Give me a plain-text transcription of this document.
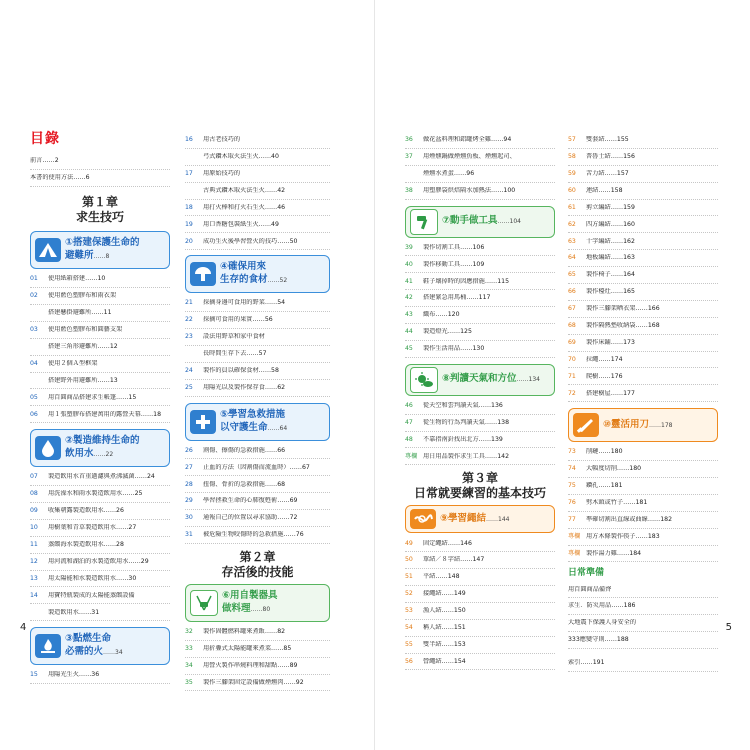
目錄
前言……2
本書的使用方法……6
第１章
求生技巧
①搭建保護生命的
避難所……8
01	使用紙箱搭建……10
02	使用藍色塑膠布和雨衣架
搭建懸掛避難所……11
03	使用藍色塑膠布和圓藝支架
搭建三角形避難所……12
04	使用２個Ａ型框架
搭建野外用避難所……13
05	用百圓商品搭建求生帳篷……15
06	用１張塑膠布搭建萬用的露營天幕……18
②製造維持生命的
飲用水……22
07	製造飲用水首重過濾與煮沸滅菌……24
08	用洗澡水和雨水製造飲用水……25
09	收集朝露製造飲用水……26
10	用樹葉和青草製造飲用水……27
11	蒸餾海水製造飲用水……28
12	用河流和湖泊的水製造飲用水……29
13	用太陽能和水製造飲用水……30
14	用寶特瓶製成的太陽能蒸餾設備
製造飲用水……31
③點燃生命
必需的火……34
15	用陽光生火……36
16	用古老技巧的
弓式鑽木取火法生火……40
17	用原始技巧的
古典式鑽木取火法生火……42
18	用打火棒和打火石生火……46
19	用口香糖包裝紙生火……49
20	成功生火後學習營火的技巧……50
④確保用來
生存的食材……52
21	採摘身邊可食用的野菜……54
22	採摘可食用的果實……56
23	設法用野草和家中食材
長時間生存下去……57
24	製作的員以確保食材……58
25	用陽光以及製作保存食……62
⑤學習急救措施
以守護生命……64
26	割傷、擦傷的急救措施……66
27	止血的方法（因割傷而流血時）……67
28	扭傷、骨折的急救措施……68
29	學習拯救生命的心肺復甦術……69
30	通報自己的位置以尋求協助……72
31	被危險生物咬傷時的急救措施……76
第２章
存活後的技能
⑥用自製器具
做料理……80
32	製作固體燃料罐來煮飯……82
33	用折疊式太陽能罐來煮菜……85
34	用營火製作串燒料理和甜點……89
35	製作三腳架固定設備做煙燻肉……92
4
36	做花盆料理和鋁罐烤全雞……94
37	用煙燻鍋做煙燻魚板、煙燻起司、
煙燻水煮蛋……96
38	用塑膠袋烘焙隔水加熱法……100
⑦動手做工具……104
39	製作切割工具……106
40	製作移動工具……109
41	鞋子壞掉時的因應措施……115
42	搭建緊急用馬桶……117
43	織布……120
44	製造燈光……125
45	製作生活用品……130
⑧判讀天氣和方位……134
46	從天空和雲判讀天氣……136
47	從生物的行為判讀天氣……138
48	不靠指南針找出北方……139
專欄 用日用品製作求生工具……142
第３章
日常就要練習的基本技巧
⑨學習繩結……144
49	固定繩結……146
50	單結／８字結……147
51	平結……148
52	接繩結……149
53	漁人結……150
54	稱人結……151
55	雙半結……153
56	營繩結……154
57	雙套結……155
58	普魯士結……156
59	苦力結……157
60	連結……158
61	剪立編結……159
62	四方編結……160
63	十字編結……162
64	地板編結……163
65	製作椅子……164
66	製作檯灶……165
67	製作三腳架晒衣架……166
68	製作隔熱墊收納袋……168
69	製作床鋪……173
70	拉繩……174
71	爬樹……176
72	搭建樹屋……177
⑩靈活用刀……178
73	削鏈……180
74	大幅度切削……180
75	鑽孔……181
76	劈木頭或竹子……181
77	準確切割出直線或曲線……182
專欄 用方木條製作筷子……183
專欄 製作湯力雞……184
日常準備
用百圓商品備齊
求生．防災用品……186
大地震下保護人身安全的
333應變守則……188
索引……191
5
